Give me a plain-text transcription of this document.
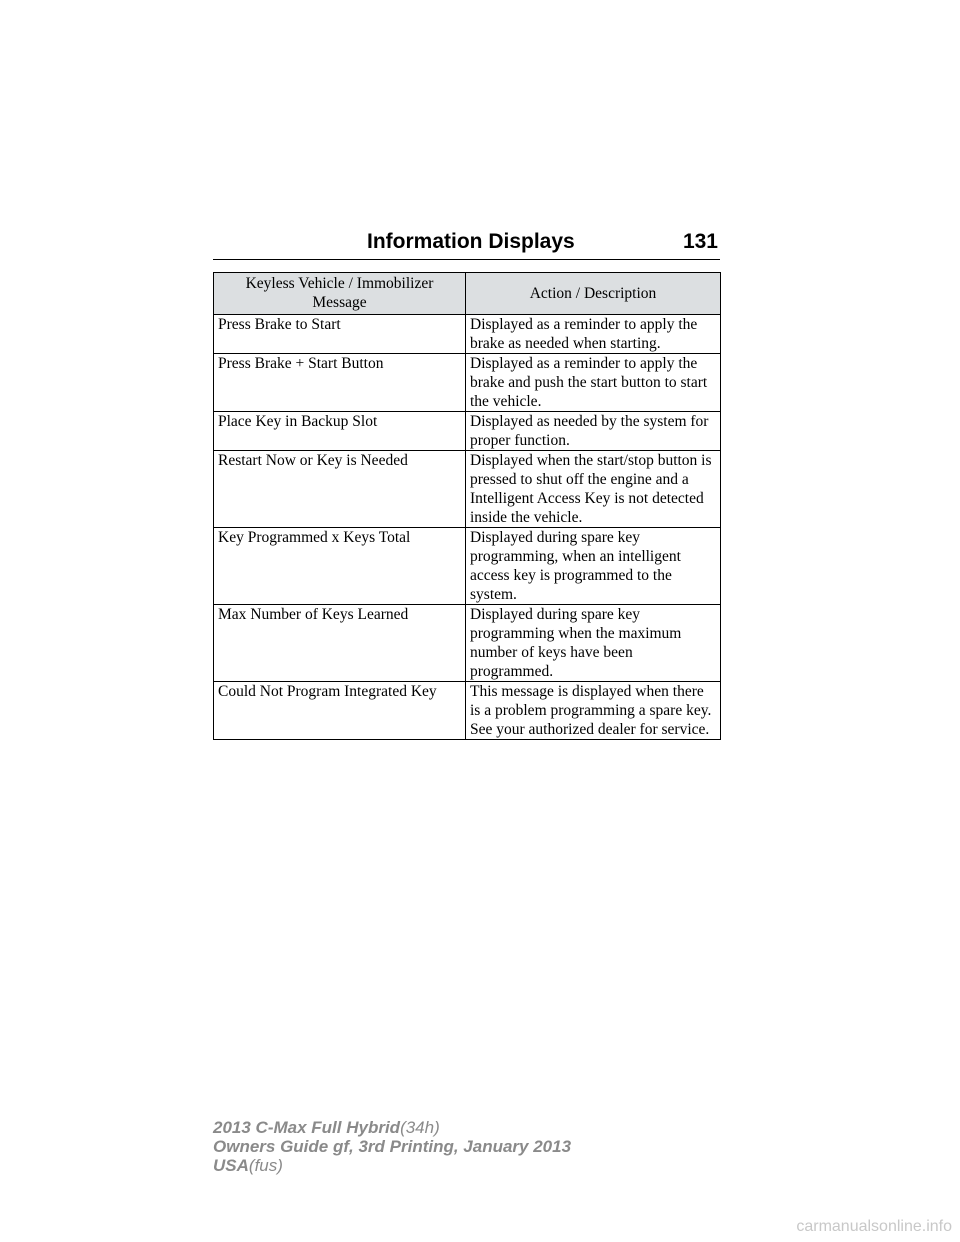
Information Displays	131
Keyless Vehicle / Immobilizer Message	Action / Description
Press Brake to Start	Displayed as a reminder to apply the brake as needed when starting.
Press Brake + Start Button	Displayed as a reminder to apply the brake and push the start button to start the vehicle.
Place Key in Backup Slot	Displayed as needed by the system for proper function.
Restart Now or Key is Needed	Displayed when the start/stop button is pressed to shut off the engine and a Intelligent Access Key is not detected inside the vehicle.
Key Programmed x Keys Total	Displayed during spare key programming, when an intelligent access key is programmed to the system.
Max Number of Keys Learned	Displayed during spare key programming when the maximum number of keys have been programmed.
Could Not Program Integrated Key	This message is displayed when there is a problem programming a spare key. See your authorized dealer for service.
2013 C-Max Full Hybrid(34h)
Owners Guide gf, 3rd Printing, January 2013
USA(fus)
carmanualsonline.info
